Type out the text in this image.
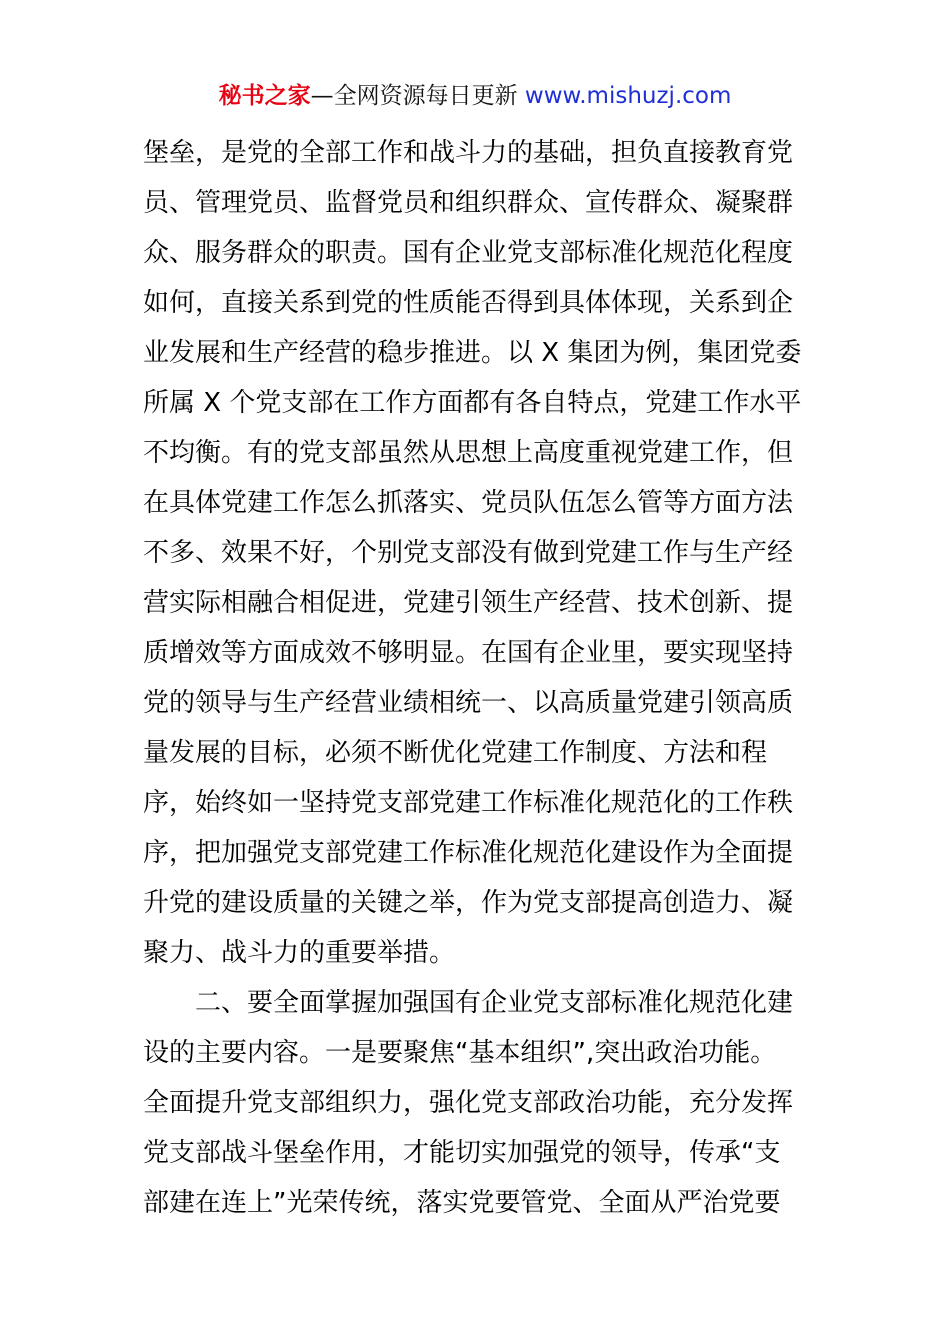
秘书之家—全网资源每日更新 www.mishuzj.com
堡垒，是党的全部工作和战斗力的基础，担负直接教育党
员、管理党员、监督党员和组织群众、宣传群众、凝聚群
众、服务群众的职责。国有企业党支部标准化规范化程度
如何，直接关系到党的性质能否得到具体体现，关系到企
业发展和生产经营的稳步推进。以 X 集团为例，集团党委
所属 X 个党支部在工作方面都有各自特点，党建工作水平
不均衡。有的党支部虽然从思想上高度重视党建工作，但
在具体党建工作怎么抓落实、党员队伍怎么管等方面方法
不多、效果不好，个别党支部没有做到党建工作与生产经
营实际相融合相促进，党建引领生产经营、技术创新、提
质增效等方面成效不够明显。在国有企业里，要实现坚持
党的领导与生产经营业绩相统一、以高质量党建引领高质
量发展的目标，必须不断优化党建工作制度、方法和程
序，始终如一坚持党支部党建工作标准化规范化的工作秩
序，把加强党支部党建工作标准化规范化建设作为全面提
升党的建设质量的关键之举，作为党支部提高创造力、凝
聚力、战斗力的重要举措。
二、要全面掌握加强国有企业党支部标准化规范化建
设的主要内容。一是要聚焦“基本组织”,突出政治功能。
全面提升党支部组织力，强化党支部政治功能，充分发挥
党支部战斗堡垒作用，才能切实加强党的领导，传承“支
部建在连上”光荣传统，落实党要管党、全面从严治党要
